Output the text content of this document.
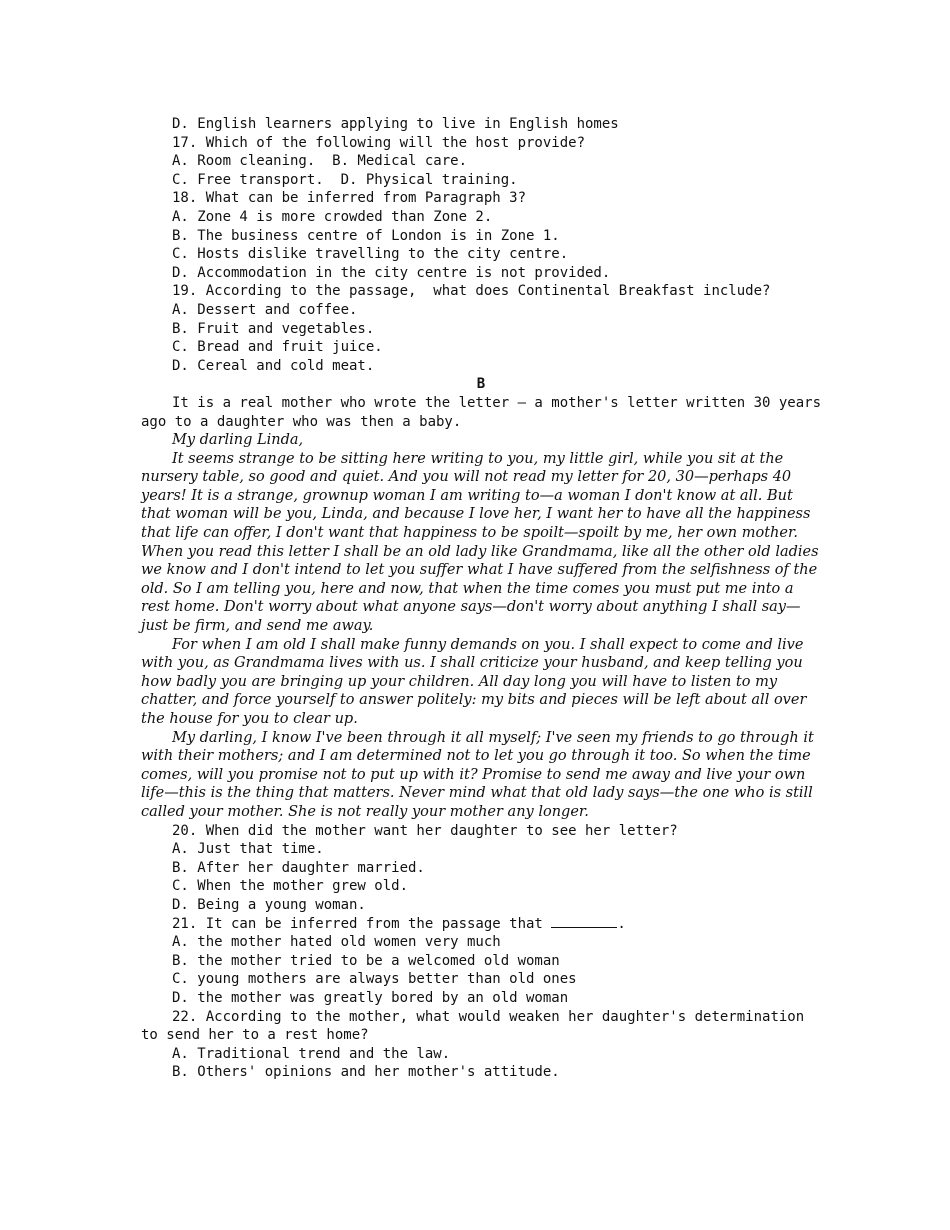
D. English learners applying to live in English homes
17. Which of the following will the host provide?
A. Room cleaning.  B. Medical care.
C. Free transport.  D. Physical training.
18. What can be inferred from Paragraph 3?
A. Zone 4 is more crowded than Zone 2.
B. The business centre of London is in Zone 1.
C. Hosts dislike travelling to the city centre.
D. Accommodation in the city centre is not provided.
19. According to the passage,  what does Continental Breakfast include?
A. Dessert and coffee.
B. Fruit and vegetables.
C. Bread and fruit juice.
D. Cereal and cold meat.
B
It is a real mother who wrote the letter — a mother's letter written 30 years ago to a daughter who was then a baby.
My darling Linda,
It seems strange to be sitting here writing to you, my little girl, while you sit at the nursery table, so good and quiet. And you will not read my letter for 20, 30—perhaps 40 years! It is a strange, grownup woman I am writing to—a woman I don't know at all. But that woman will be you, Linda, and because I love her, I want her to have all the happiness that life can offer, I don't want that happiness to be spoilt—spoilt by me, her own mother. When you read this letter I shall be an old lady like Grandmama, like all the other old ladies we know and I don't intend to let you suffer what I have suffered from the selfishness of the old. So I am telling you, here and now, that when the time comes you must put me into a rest home. Don't worry about what anyone says—don't worry about anything I shall say—just be firm, and send me away.
For when I am old I shall make funny demands on you. I shall expect to come and live with you, as Grandmama lives with us. I shall criticize your husband, and keep telling you how badly you are bringing up your children. All day long you will have to listen to my chatter, and force yourself to answer politely: my bits and pieces will be left about all over the house for you to clear up.
My darling, I know I've been through it all myself; I've seen my friends to go through it with their mothers; and I am determined not to let you go through it too. So when the time comes, will you promise not to put up with it? Promise to send me away and live your own life—this is the thing that matters. Never mind what that old lady says—the one who is still called your mother. She is not really your mother any longer.
20. When did the mother want her daughter to see her letter?
A. Just that time.
B. After her daughter married.
C. When the mother grew old.
D. Being a young woman.
21. It can be inferred from the passage that	.
A. the mother hated old women very much
B. the mother tried to be a welcomed old woman
C. young mothers are always better than old ones
D. the mother was greatly bored by an old woman
22. According to the mother, what would weaken her daughter's determination to send her to a rest home?
A. Traditional trend and the law.
B. Others' opinions and her mother's attitude.
